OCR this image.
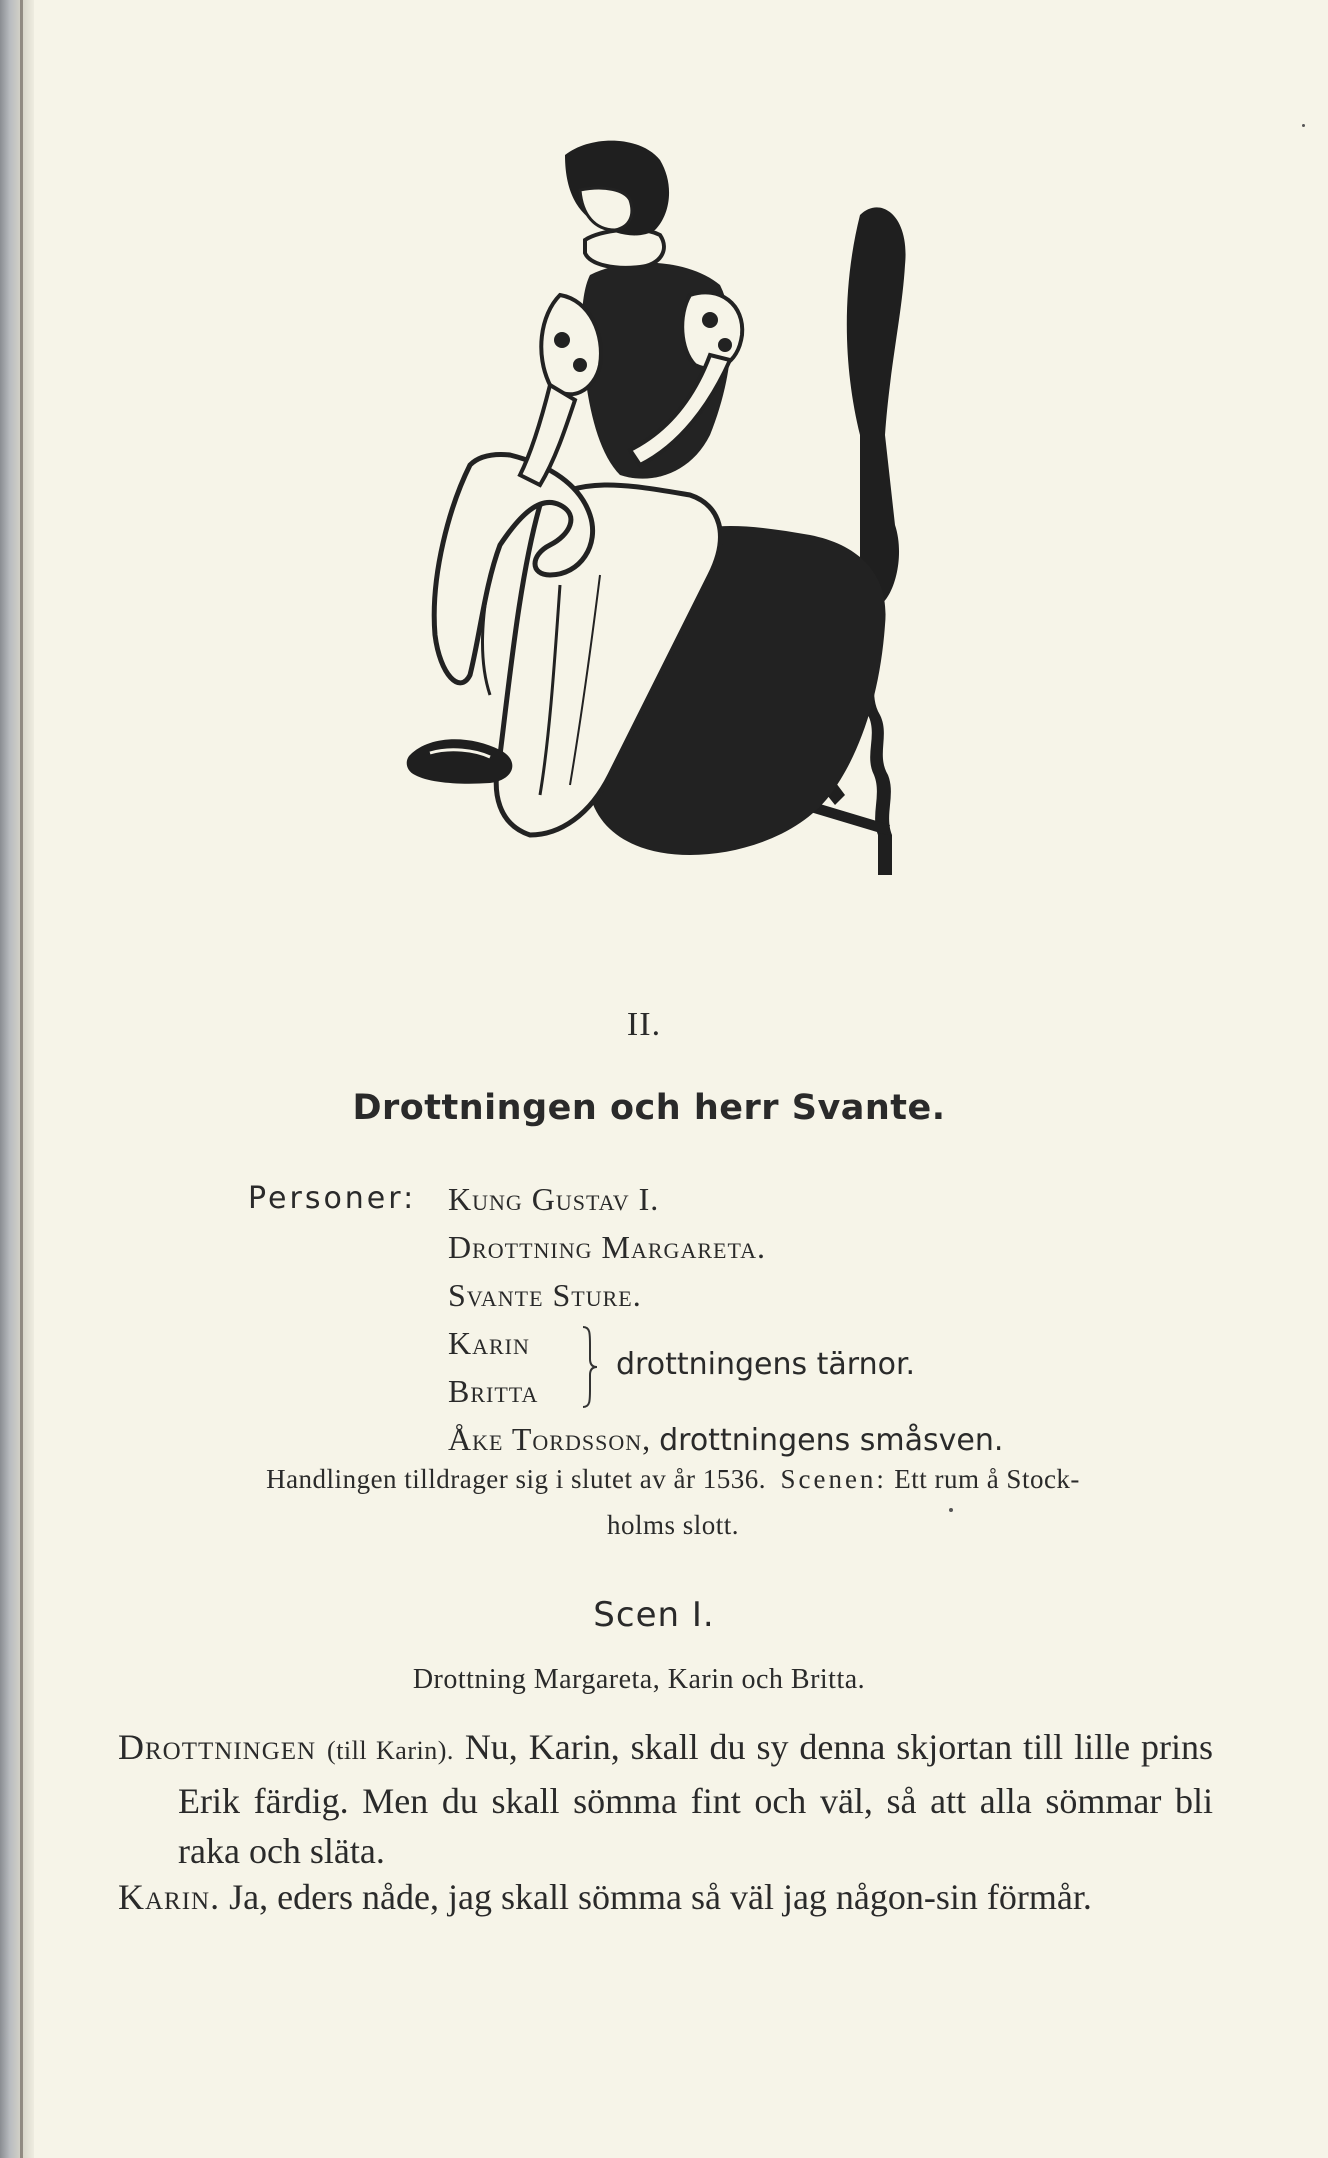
II.
Drottningen och herr Svante.
Personer: Kung Gustav I.
Drottning Margareta.
Svante Sture.
Karin
Britta
drottningens tärnor.
Åke Tordsson, drottningens småsven.
Handlingen tilldrager sig i slutet av år 1536. Scenen: Ett rum å Stock-
holms slott.
Scen I.
Drottning Margareta, Karin och Britta.
Drottningen (till Karin). Nu, Karin, skall du sy denna skjortan till lille prins Erik färdig. Men du skall sömma fint och väl, så att alla sömmar bli raka och släta.
Karin. Ja, eders nåde, jag skall sömma så väl jag någon-sin förmår.
